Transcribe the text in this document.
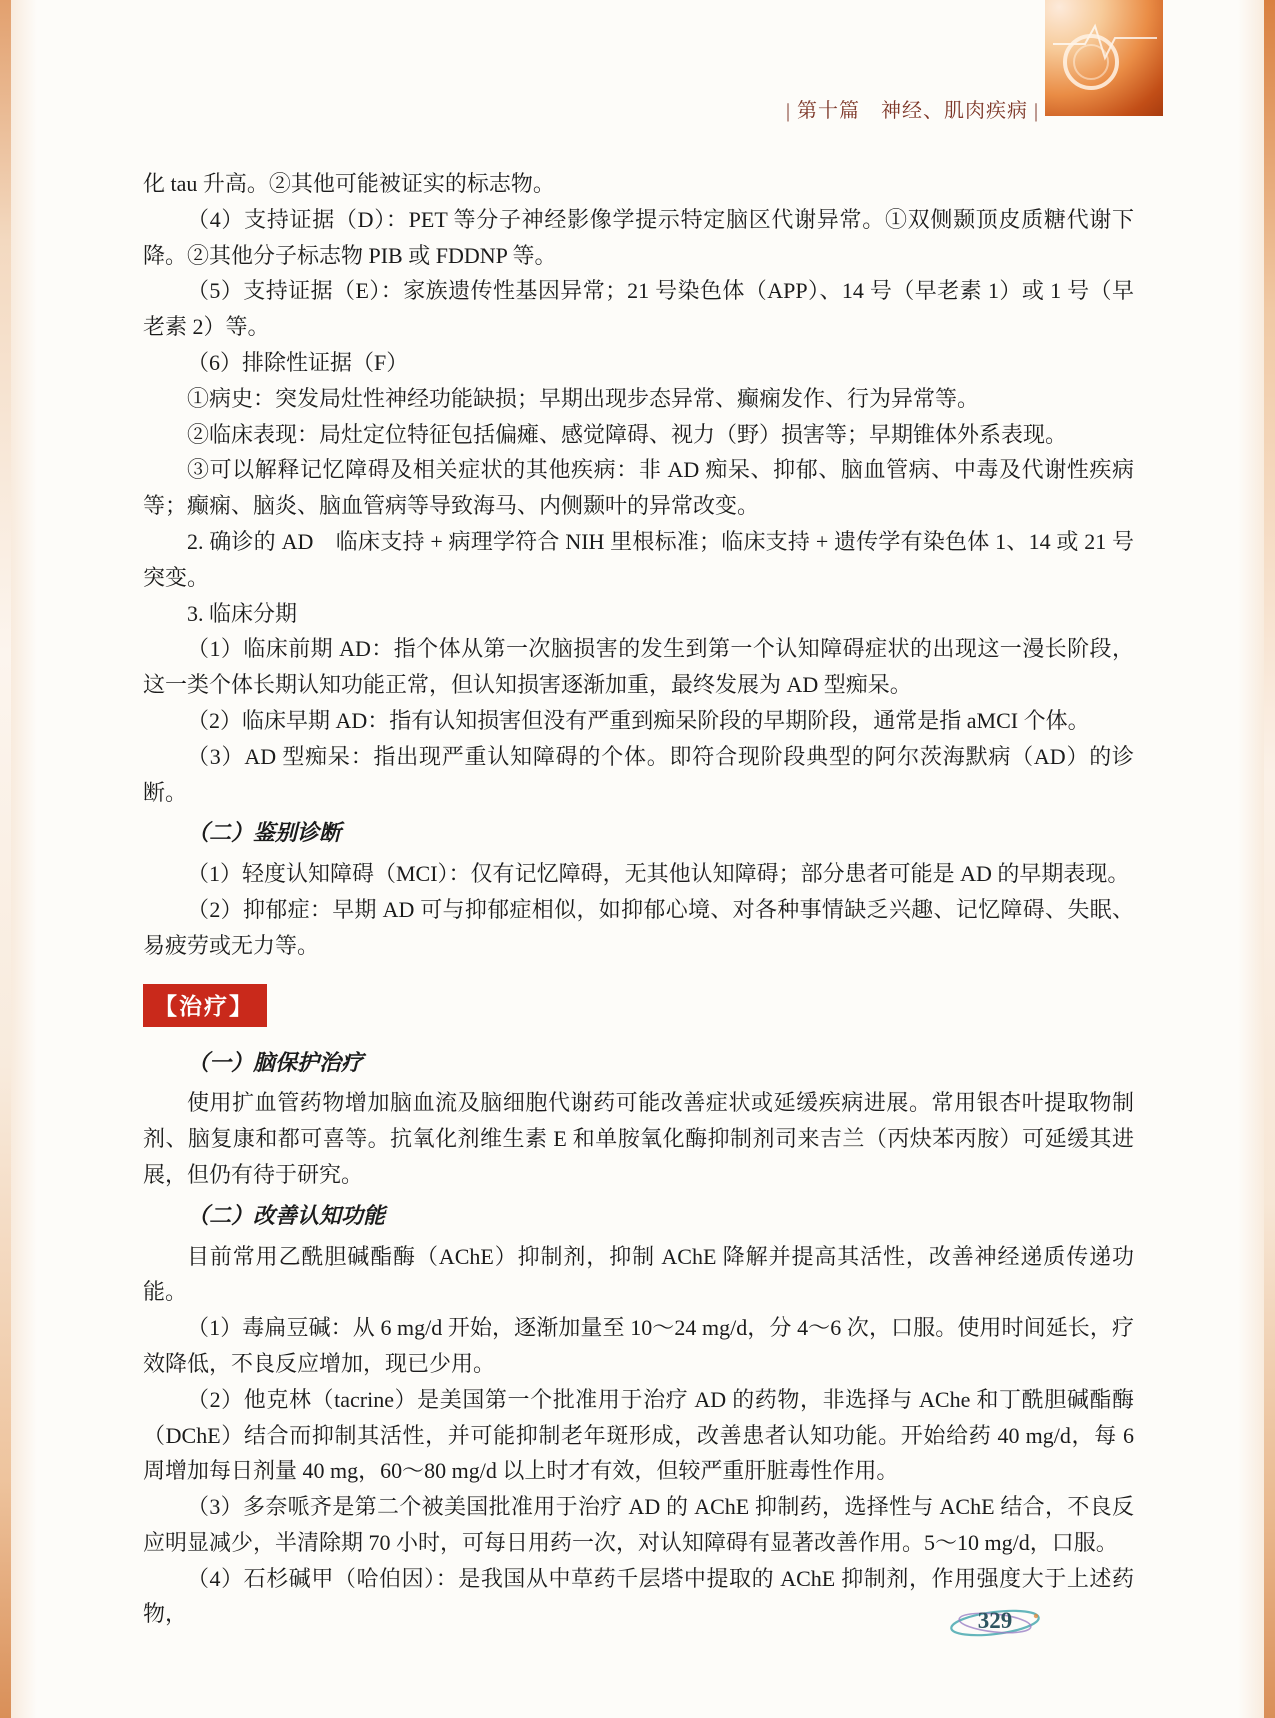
| 第十篇　神经、肌肉疾病 |

化 tau 升高。②其他可能被证实的标志物。

（4）支持证据（D）：PET 等分子神经影像学提示特定脑区代谢异常。①双侧颞顶皮质糖代谢下降。②其他分子标志物 PIB 或 FDDNP 等。

（5）支持证据（E）：家族遗传性基因异常；21 号染色体（APP）、14 号（早老素 1）或 1 号（早老素 2）等。

（6）排除性证据（F）

①病史：突发局灶性神经功能缺损；早期出现步态异常、癫痫发作、行为异常等。

②临床表现：局灶定位特征包括偏瘫、感觉障碍、视力（野）损害等；早期锥体外系表现。

③可以解释记忆障碍及相关症状的其他疾病：非 AD 痴呆、抑郁、脑血管病、中毒及代谢性疾病等；癫痫、脑炎、脑血管病等导致海马、内侧颞叶的异常改变。

2. 确诊的 AD　临床支持 + 病理学符合 NIH 里根标准；临床支持 + 遗传学有染色体 1、14 或 21 号突变。

3. 临床分期

（1）临床前期 AD：指个体从第一次脑损害的发生到第一个认知障碍症状的出现这一漫长阶段，这一类个体长期认知功能正常，但认知损害逐渐加重，最终发展为 AD 型痴呆。

（2）临床早期 AD：指有认知损害但没有严重到痴呆阶段的早期阶段，通常是指 aMCI 个体。

（3）AD 型痴呆：指出现严重认知障碍的个体。即符合现阶段典型的阿尔茨海默病（AD）的诊断。

（二）鉴别诊断

（1）轻度认知障碍（MCI）：仅有记忆障碍，无其他认知障碍；部分患者可能是 AD 的早期表现。

（2）抑郁症：早期 AD 可与抑郁症相似，如抑郁心境、对各种事情缺乏兴趣、记忆障碍、失眠、易疲劳或无力等。

【治疗】

（一）脑保护治疗

使用扩血管药物增加脑血流及脑细胞代谢药可能改善症状或延缓疾病进展。常用银杏叶提取物制剂、脑复康和都可喜等。抗氧化剂维生素 E 和单胺氧化酶抑制剂司来吉兰（丙炔苯丙胺）可延缓其进展，但仍有待于研究。

（二）改善认知功能

目前常用乙酰胆碱酯酶（AChE）抑制剂，抑制 AChE 降解并提高其活性，改善神经递质传递功能。

（1）毒扁豆碱：从 6 mg/d 开始，逐渐加量至 10～24 mg/d，分 4～6 次，口服。使用时间延长，疗效降低，不良反应增加，现已少用。

（2）他克林（tacrine）是美国第一个批准用于治疗 AD 的药物，非选择与 AChe 和丁酰胆碱酯酶（DChE）结合而抑制其活性，并可能抑制老年斑形成，改善患者认知功能。开始给药 40 mg/d，每 6 周增加每日剂量 40 mg，60～80 mg/d 以上时才有效，但较严重肝脏毒性作用。

（3）多奈哌齐是第二个被美国批准用于治疗 AD 的 AChE 抑制药，选择性与 AChE 结合，不良反应明显减少，半清除期 70 小时，可每日用药一次，对认知障碍有显著改善作用。5～10 mg/d，口服。

（4）石杉碱甲（哈伯因）：是我国从中草药千层塔中提取的 AChE 抑制剂，作用强度大于上述药物，	329
